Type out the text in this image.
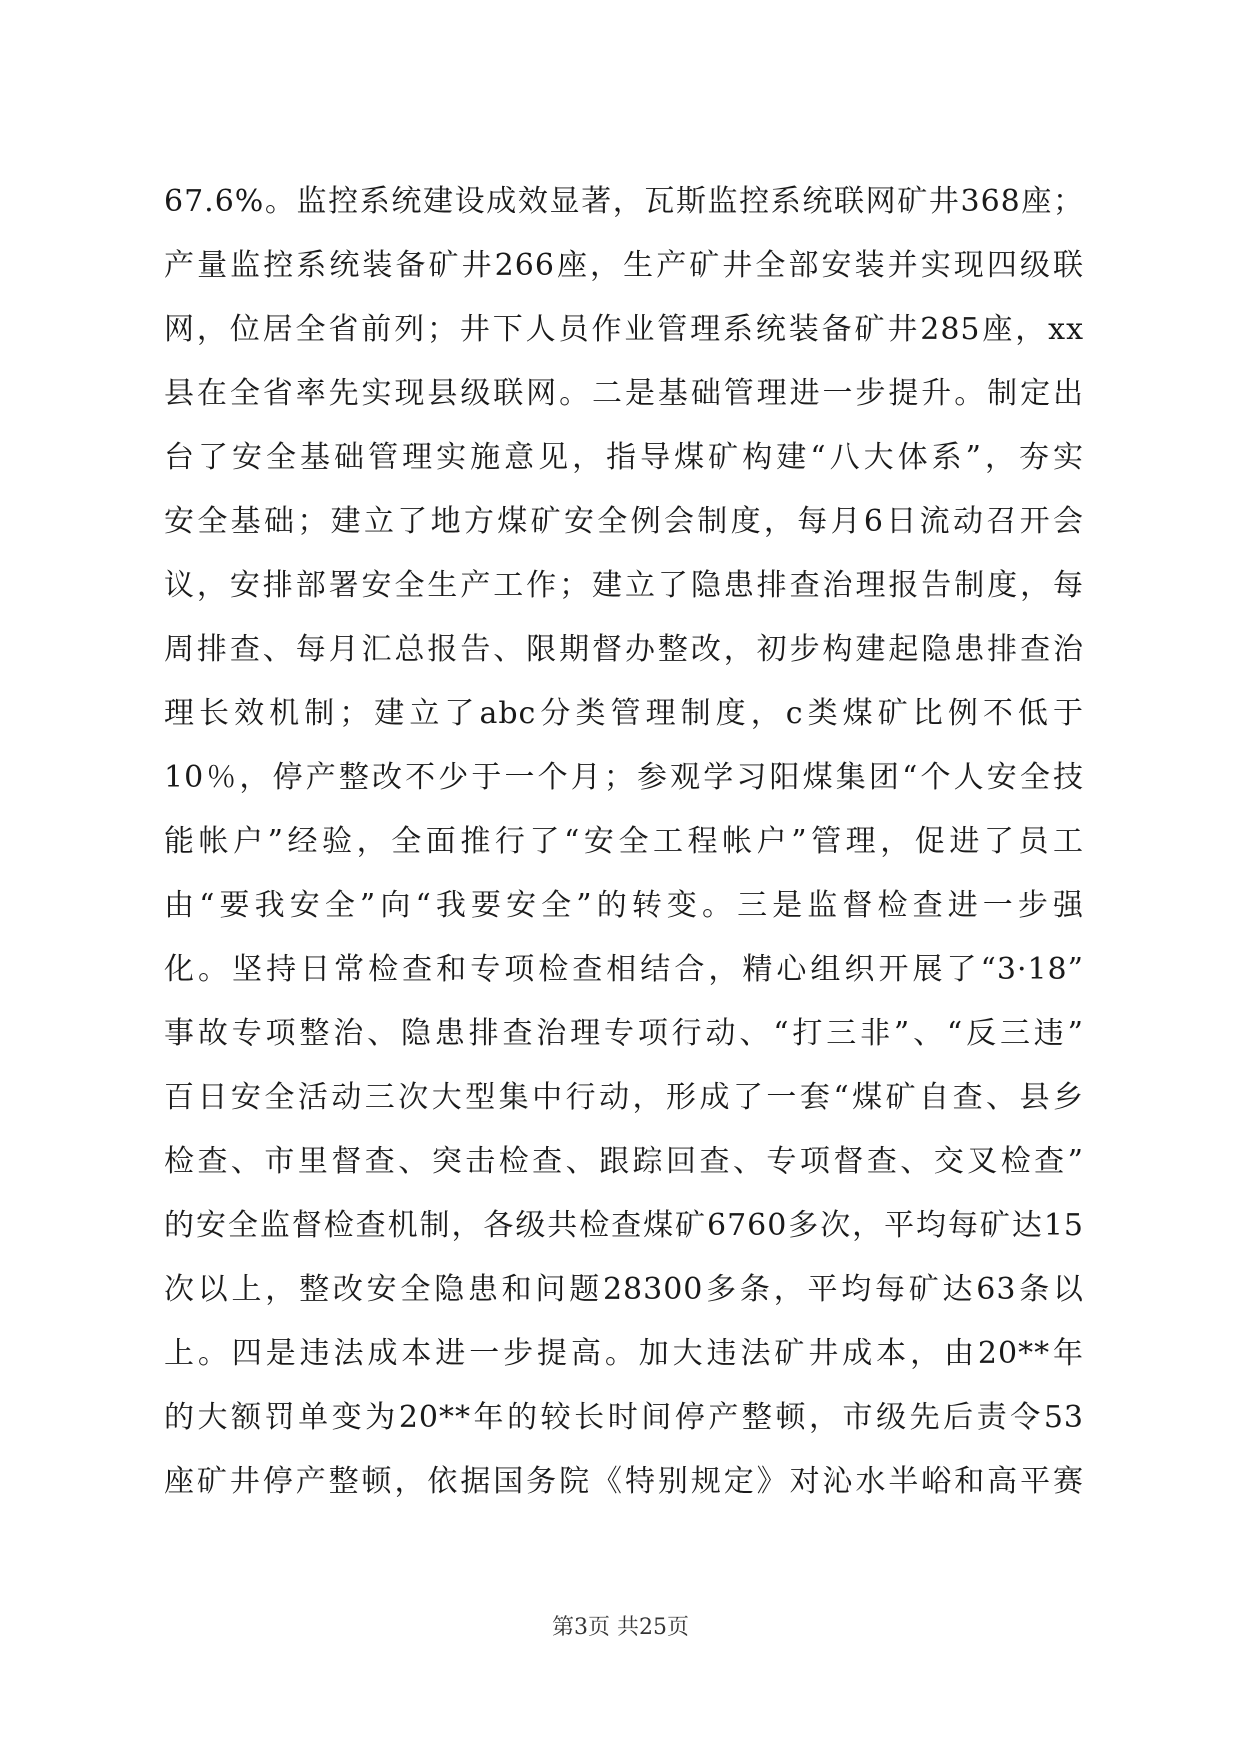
67.6%。监控系统建设成效显著，瓦斯监控系统联网矿井368座；
产量监控系统装备矿井266座，生产矿井全部安装并实现四级联
网，位居全省前列；井下人员作业管理系统装备矿井285座，xx
县在全省率先实现县级联网。二是基础管理进一步提升。制定出
台了安全基础管理实施意见，指导煤矿构建“八大体系”，夯实
安全基础；建立了地方煤矿安全例会制度，每月6日流动召开会
议，安排部署安全生产工作；建立了隐患排查治理报告制度，每
周排查、每月汇总报告、限期督办整改，初步构建起隐患排查治
理长效机制；建立了abc分类管理制度，c类煤矿比例不低于
10％，停产整改不少于一个月；参观学习阳煤集团“个人安全技
能帐户”经验，全面推行了“安全工程帐户”管理，促进了员工
由“要我安全”向“我要安全”的转变。三是监督检查进一步强
化。坚持日常检查和专项检查相结合，精心组织开展了“3·18”
事故专项整治、隐患排查治理专项行动、“打三非”、“反三违”
百日安全活动三次大型集中行动，形成了一套“煤矿自查、县乡
检查、市里督查、突击检查、跟踪回查、专项督查、交叉检查”
的安全监督检查机制，各级共检查煤矿6760多次，平均每矿达15
次以上，整改安全隐患和问题28300多条，平均每矿达63条以
上。四是违法成本进一步提高。加大违法矿井成本，由20**年
的大额罚单变为20**年的较长时间停产整顿，市级先后责令53
座矿井停产整顿，依据国务院《特别规定》对沁水半峪和高平赛
第3页 共25页
